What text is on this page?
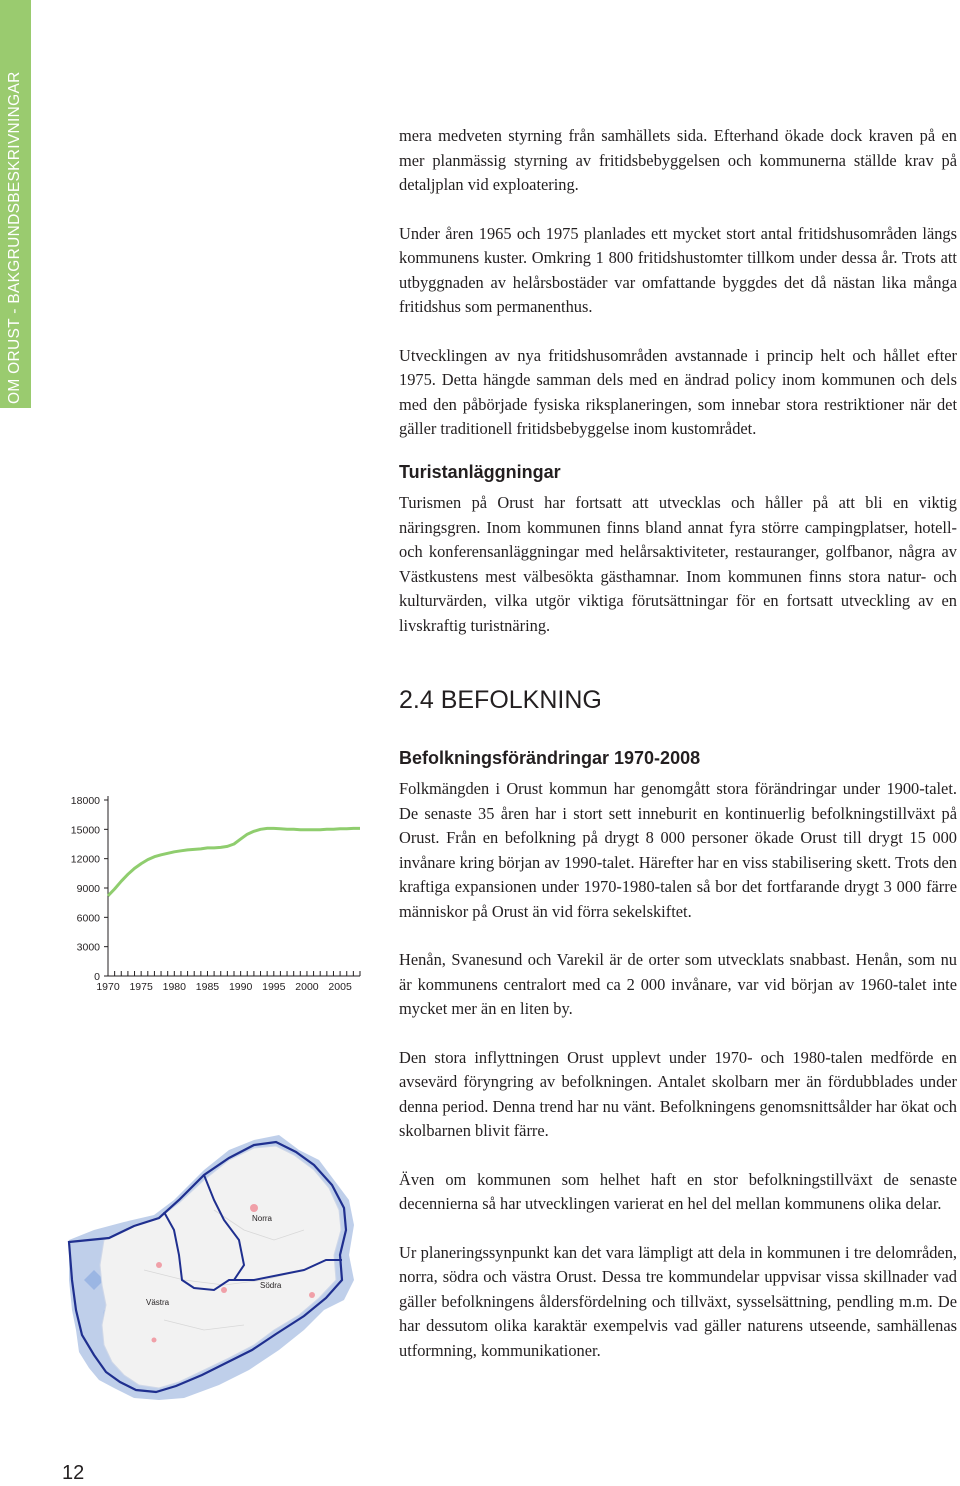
OM ORUST - BAKGRUNDSBESKRIVNINGAR	mera medveten styrning från samhällets sida. Efterhand ökade dock kraven på en mer planmässig styrning av fritidsbebyggelsen och kommunerna ställde krav på detaljplan vid exploatering.

Under åren 1965 och 1975 planlades ett mycket stort antal fritidshusområden längs kommunens kuster. Omkring 1 800 fritidshustomter tillkom under dessa år. Trots att utbyggnaden av helårsbostäder var omfattande byggdes det då nästan lika många fritidshus som permanenthus.

Utvecklingen av nya fritidshusområden avstannade i princip helt och hållet efter 1975. Detta hängde samman dels med en ändrad policy inom kommunen och dels med den påbörjade fysiska riksplaneringen, som innebar stora restriktioner när det gäller traditionell fritidsbebyggelse inom kustområdet.

Turistanläggningar

Turismen på Orust har fortsatt att utvecklas och håller på att bli en viktig näringsgren. Inom kommunen finns bland annat fyra större campingplatser, hotell- och konferensanläggningar med helårsaktiviteter, restauranger, golfbanor, några av Västkustens mest välbesökta gästhamnar. Inom kommunen finns stora natur- och kulturvärden, vilka utgör viktiga förutsättningar för en fortsatt utveckling av en livskraftig turistnäring.

2.4 BEFOLKNING
Befolkningsförändringar 1970-2008

Folkmängden i Orust kommun har genomgått stora förändringar under 1900-talet. De senaste 35 åren har i stort sett inneburit en kontinuerlig befolkningstillväxt på Orust. Från en befolkning på drygt 8 000 personer ökade Orust till drygt 15 000 invånare kring början av 1990-talet. Härefter har en viss stabilisering skett. Trots den kraftiga expansionen under 1970-1980-talen så bor det fortfarande drygt 3 000 färre människor på Orust än vid förra sekelskiftet.

Henån, Svanesund och Varekil är de orter som utvecklats snabbast. Henån, som nu är kommunens centralort med ca 2 000 invånare, var vid början av 1960-talet inte mycket mer än en liten by.

Den stora inflyttningen Orust upplevt under 1970- och 1980-talen medförde en avsevärd föryngring av befolkningen. Antalet skolbarn mer än fördubblades under denna period. Denna trend har nu vänt. Befolkningens genomsnittsålder har ökat och skolbarnen blivit färre.

Även om kommunen som helhet haft en stor befolkningstillväxt de senaste decennierna så har utvecklingen varierat en hel del mellan kommunens olika delar.

Ur planeringssynpunkt kan det vara lämpligt att dela in kommunen i tre delområden, norra, södra och västra Orust. Dessa tre kommundelar uppvisar vissa skillnader vad gäller befolkningens åldersfördelning och tillväxt, sysselsättning, pendling m.m. De har dessutom olika karaktär exempelvis vad gäller naturens utseende, samhällenas utformning, kommunikationer.

0
3000
6000
9000
12000
15000
18000
1970 1975 1980 1985 1990 1995 2000 2005
Norra
Södra
Västra
12
